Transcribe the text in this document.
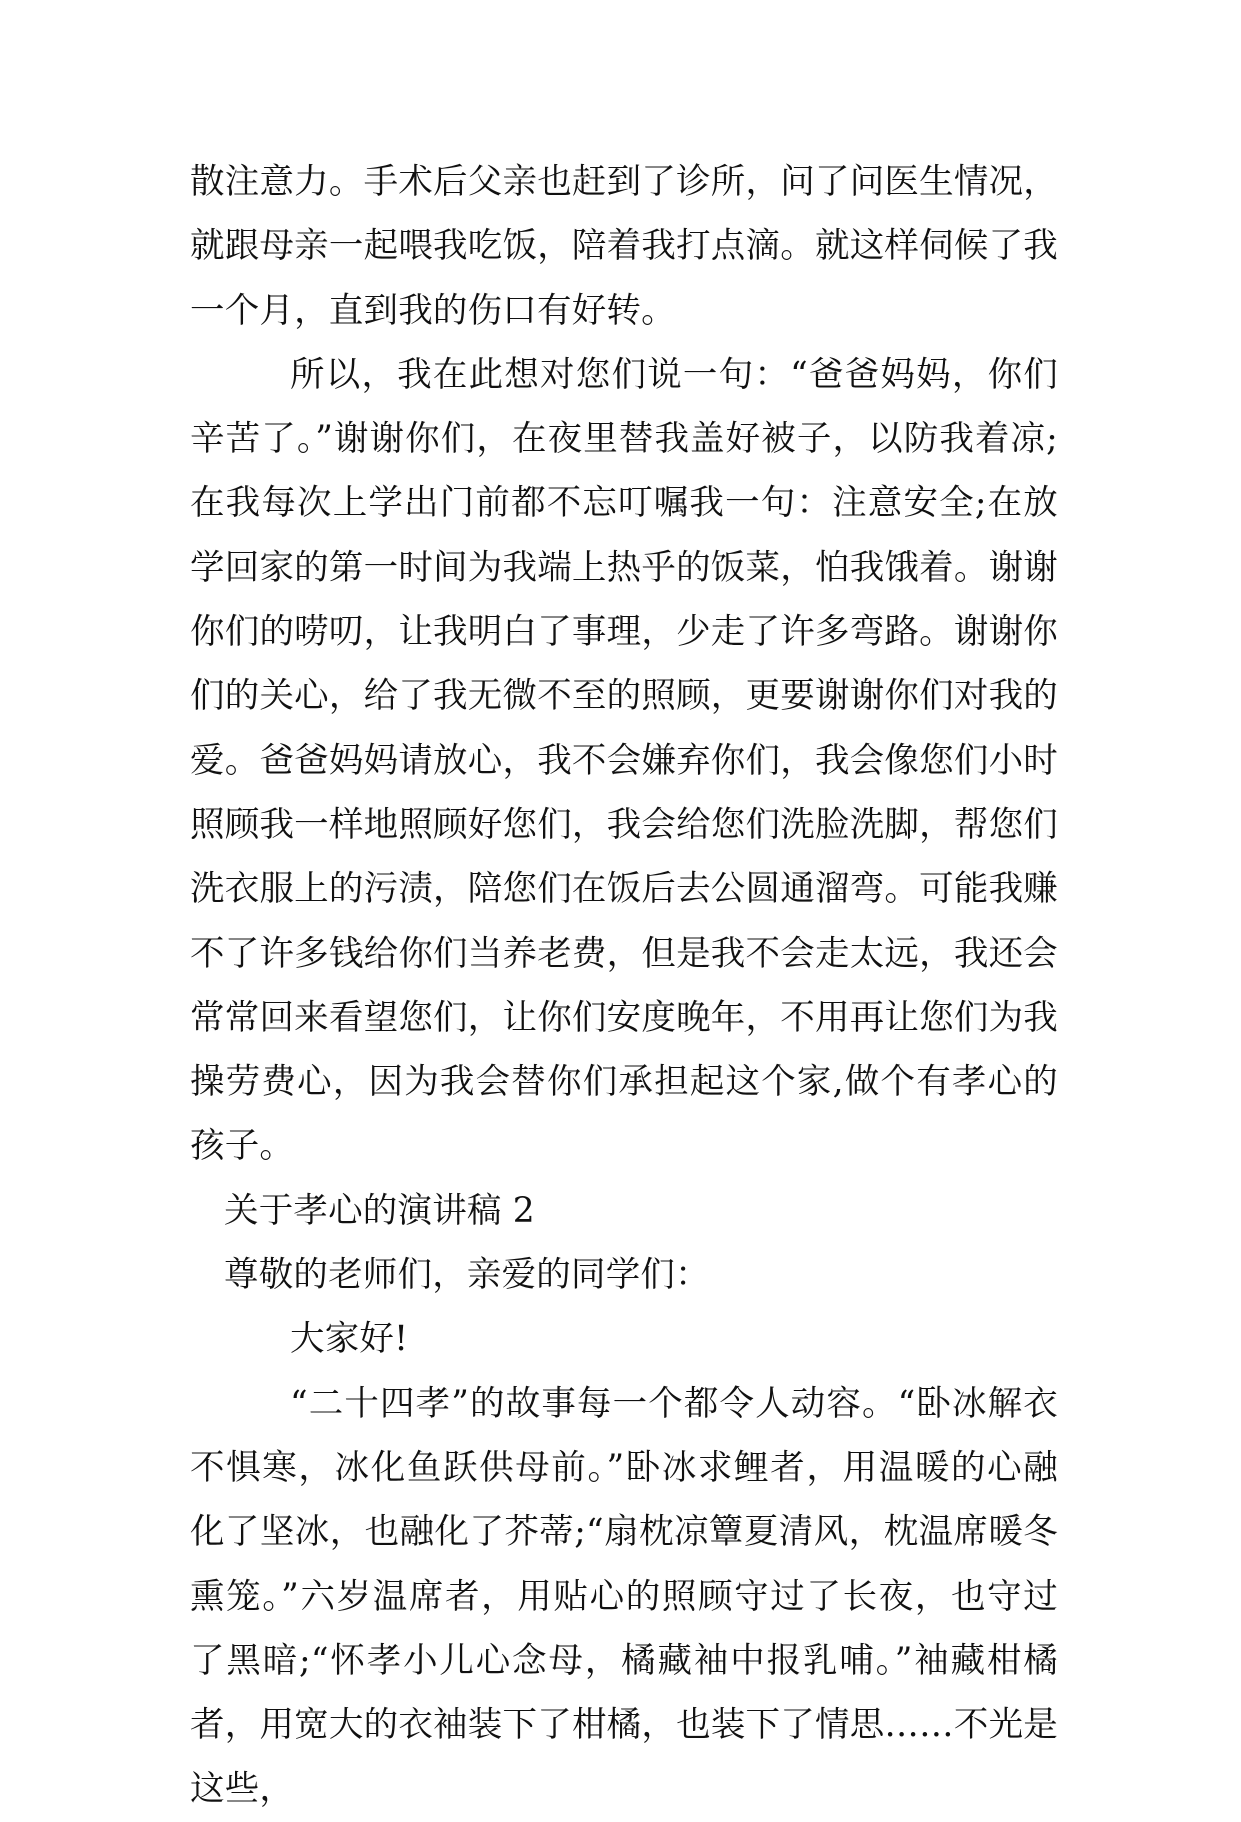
散注意力。手术后父亲也赶到了诊所，问了问医生情况，就跟母亲一起喂我吃饭，陪着我打点滴。就这样伺候了我一个月，直到我的伤口有好转。

所以，我在此想对您们说一句：“爸爸妈妈，你们辛苦了。”谢谢你们，在夜里替我盖好被子，以防我着凉;在我每次上学出门前都不忘叮嘱我一句：注意安全;在放学回家的第一时间为我端上热乎的饭菜，怕我饿着。谢谢你们的唠叨，让我明白了事理，少走了许多弯路。谢谢你们的关心，给了我无微不至的照顾，更要谢谢你们对我的爱。爸爸妈妈请放心，我不会嫌弃你们，我会像您们小时照顾我一样地照顾好您们，我会给您们洗脸洗脚，帮您们洗衣服上的污渍，陪您们在饭后去公圆通溜弯。可能我赚不了许多钱给你们当养老费，但是我不会走太远，我还会常常回来看望您们，让你们安度晚年，不用再让您们为我操劳费心，因为我会替你们承担起这个家,做个有孝心的孩子。

关于孝心的演讲稿 2

尊敬的老师们，亲爱的同学们：

大家好!

“二十四孝”的故事每一个都令人动容。“卧冰解衣不惧寒，冰化鱼跃供母前。”卧冰求鲤者，用温暖的心融化了坚冰，也融化了芥蒂;“扇枕凉簟夏清风，枕温席暖冬熏笼。”六岁温席者，用贴心的照顾守过了长夜，也守过了黑暗;“怀孝小儿心念母，橘藏袖中报乳哺。”袖藏柑橘者，用宽大的衣袖装下了柑橘，也装下了情思……不光是这些，
